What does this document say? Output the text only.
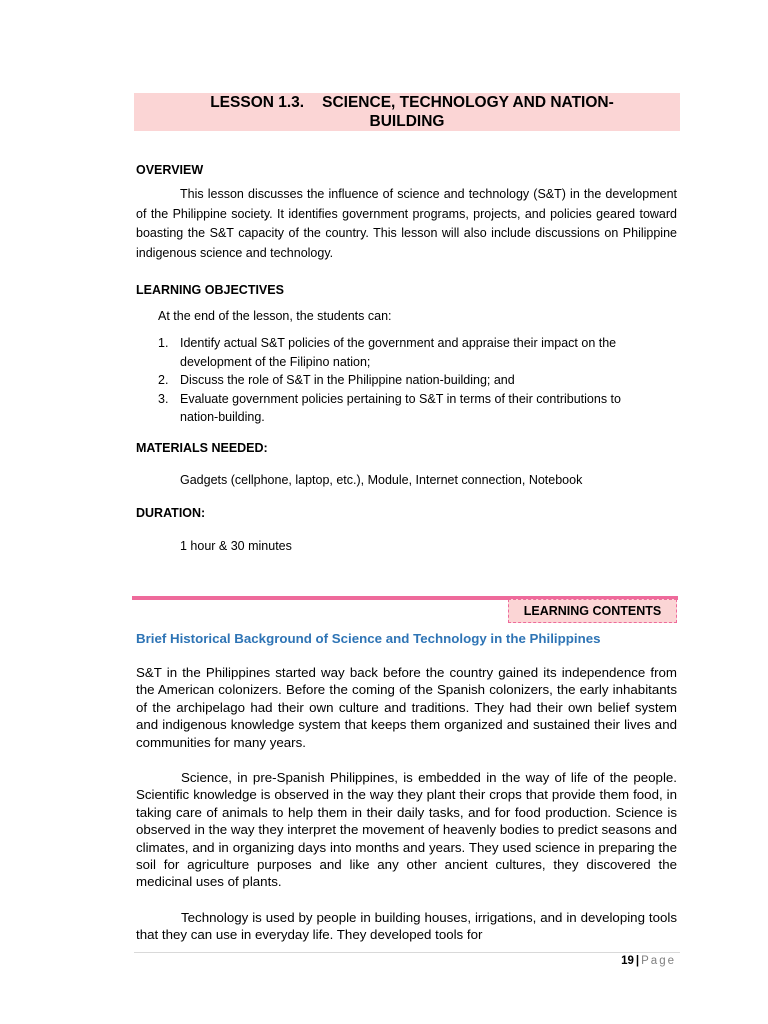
LESSON 1.3. SCIENCE, TECHNOLOGY AND NATION-
BUILDING
OVERVIEW
This lesson discusses the influence of science and technology (S&T) in the development of the Philippine society. It identifies government programs, projects, and policies geared toward boasting the S&T capacity of the country. This lesson will also include discussions on Philippine indigenous science and technology.
LEARNING OBJECTIVES
At the end of the lesson, the students can:
1. Identify actual S&T policies of the government and appraise their impact on the development of the Filipino nation;
2. Discuss the role of S&T in the Philippine nation-building; and
3. Evaluate government policies pertaining to S&T in terms of their contributions to nation-building.
MATERIALS NEEDED:
Gadgets (cellphone, laptop, etc.), Module, Internet connection, Notebook
DURATION:
1 hour & 30 minutes
LEARNING CONTENTS
Brief Historical Background of Science and Technology in the Philippines
S&T in the Philippines started way back before the country gained its independence from the American colonizers. Before the coming of the Spanish colonizers, the early inhabitants of the archipelago had their own culture and traditions. They had their own belief system and indigenous knowledge system that keeps them organized and sustained their lives and communities for many years.
Science, in pre-Spanish Philippines, is embedded in the way of life of the people. Scientific knowledge is observed in the way they plant their crops that provide them food, in taking care of animals to help them in their daily tasks, and for food production. Science is observed in the way they interpret the movement of heavenly bodies to predict seasons and climates, and in organizing days into months and years. They used science in preparing the soil for agriculture purposes and like any other ancient cultures, they discovered the medicinal uses of plants.
Technology is used by people in building houses, irrigations, and in developing tools that they can use in everyday life. They developed tools for
19 | Page
